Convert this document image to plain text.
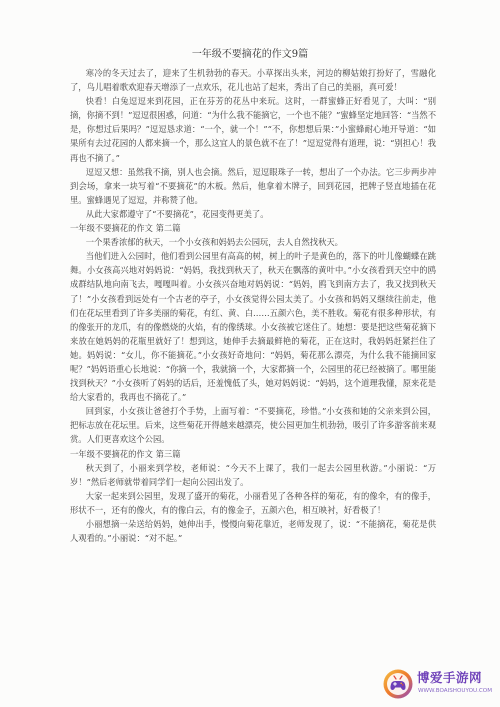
一年级不要摘花的作文9篇

寒冷的冬天过去了，迎来了生机勃勃的春天。小草探出头来，河边的柳姑娘打扮好了，雪融化了，鸟儿唱着歌欢迎春天增添了一点欢乐，花儿也站了起来，秀出了自己的美丽，真可爱！

快看！白兔逗逗来到花园，正在芬芳的花丛中来玩。这时，一群蜜蜂正好看见了，大叫：“别摘，你摘不到！”逗逗很困惑，问道：“为什么我不能摘它，一个也不能？”蜜蜂坚定地回答：“当然不是，你想过后果吗？”逗逗恳求道：“一个，就一个！”“不，你想想后果：”小蜜蜂耐心地开导道：“如果所有去过花园的人都来摘一个，那么这宜人的景色就不在了！”逗逗觉得有道理，说：“别担心！我再也不摘了。”

逗逗又想：虽然我不摘，别人也会摘。然后，逗逗眼珠子一转，想出了一个办法。它三步两步冲到会场，拿来一块写着“不要摘花”的木板。然后，他拿着木牌子，回到花园，把牌子竖直地插在花里。蜜蜂遇见了逗逗，并称赞了他。

从此大家都遵守了“不要摘花”，花园变得更美了。

一年级不要摘花的作文 第二篇

一个果香浓郁的秋天，一个小女孩和妈妈去公园玩，去人自然找秋天。

当他们进入公园时，他们看到公园里有高高的树，树上的叶子是黄色的，落下的叶儿像蝴蝶在跳舞。小女孩高兴地对妈妈说：“妈妈，我找到秋天了，秋天在飘落的黄叶中。”小女孩看到天空中的鸥成群结队地向南飞去，嘎嘎叫着。小女孩兴奋地对妈妈说：“妈妈，鸥飞到南方去了，我又找到秋天了！”小女孩看到远处有一个古老的亭子，小女孩觉得公园太美了。小女孩和妈妈又继续往前走，他们在花坛里看到了许多美丽的菊花，有红、黄、白……五颜六色，美不胜收。菊花有很多种形状，有的像张开的龙爪，有的像燃烧的火焰，有的像绣球。小女孩被它迷住了。她想：要是把这些菊花摘下来放在她妈妈的花瓶里就好了！想到这，她伸手去摘最鲜艳的菊花，正在这时，我妈妈赶紧拦住了她。妈妈说：“女儿，你不能摘花。”小女孩好奇地问：“妈妈，菊花那么漂亮，为什么我不能摘回家呢？”妈妈语重心长地说：“你摘一个，我就摘一个，大家都摘一个，公园里的花已经被摘了。哪里能找到秋天？”小女孩听了妈妈的话后，还羞愧低了头，她对妈妈说：“妈妈，这个道理我懂，原来花是给大家看的，我再也不摘花了。”

回到家，小女孩让爸爸打个手势，上面写着：“不要摘花，珍惜。”小女孩和她的父亲来到公园，把标志放在花坛里。后来，这些菊花开得越来越漂亮，使公园更加生机勃勃，吸引了许多游客前来观赏。人们更喜欢这个公园。

一年级不要摘花的作文 第三篇

秋天到了，小丽来到学校，老师说：“今天不上课了，我们一起去公园里秋游。”小丽说：“万岁！”然后老师就带着同学们一起向公园出发了。

大家一起来到公园里，发现了盛开的菊花，小丽看见了各种各样的菊花，有的像伞，有的像手，形状不一，还有的像火，有的像白云，有的像金子，五颜六色，相互映衬，好看极了！

小丽想摘一朵送给妈妈，她伸出手，慢慢向菊花靠近，老师发现了，说：“不能摘花，菊花是供人观看的。”小丽说：“对不起。”

博爱手游网
WWW.BOAISHOUYOU.COM
